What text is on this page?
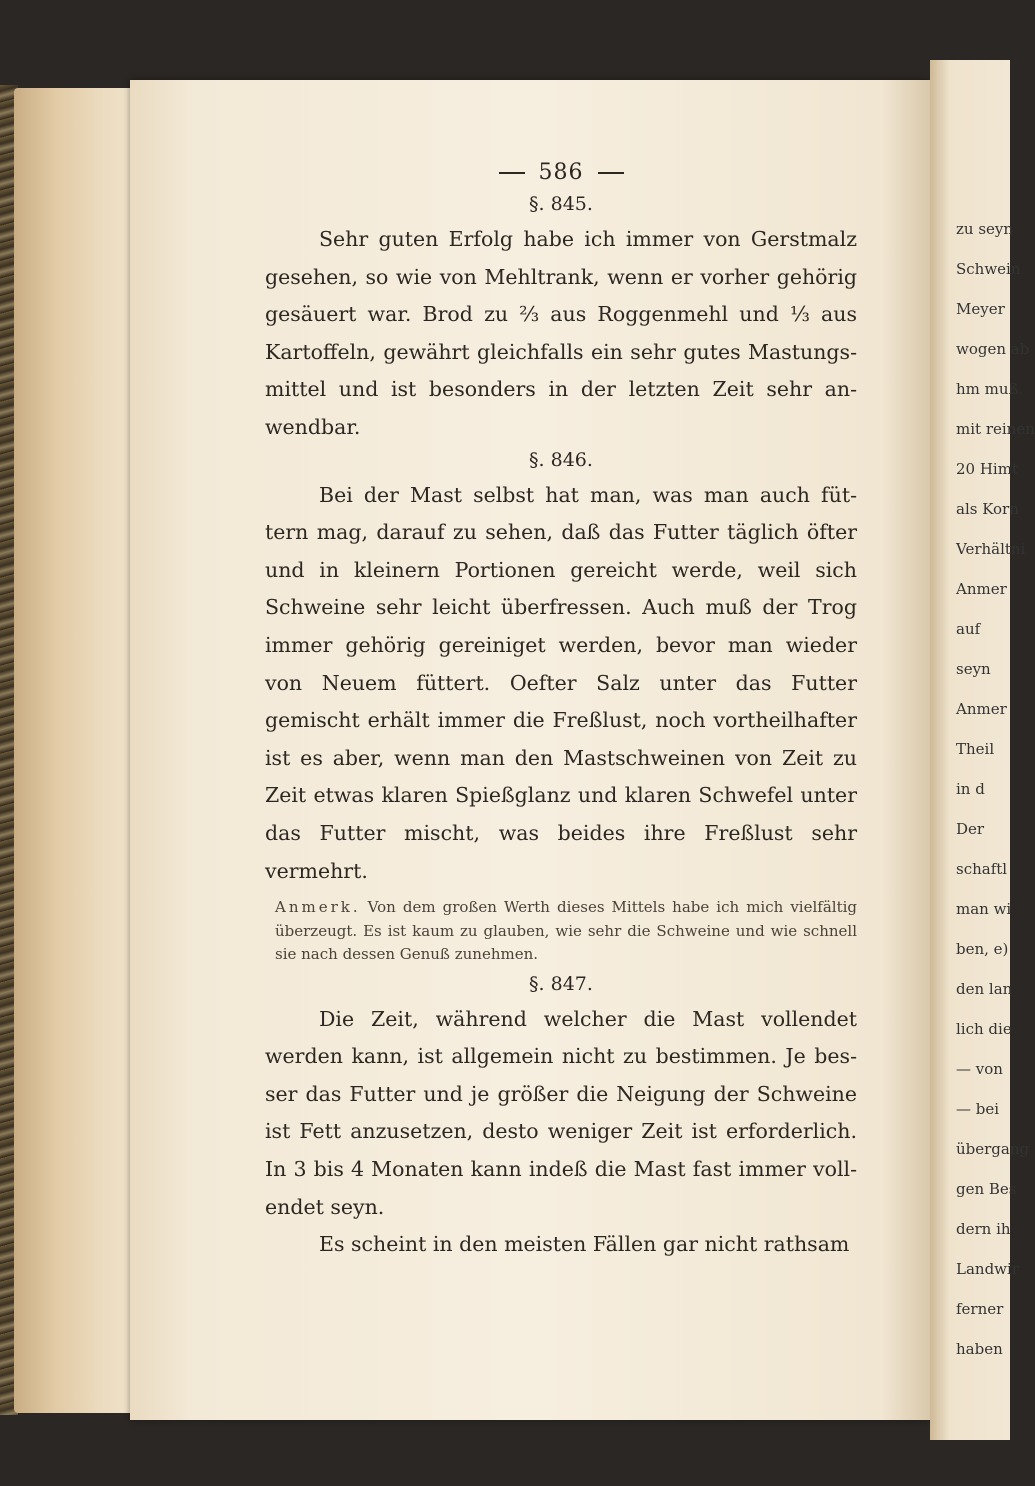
zu seyn
Schwein
Meyer
wogen ab
hm muß.
mit reinen
20 Himt
als Korn
Verhältni
Anmer
auf
seyn
Anmer
Theil
in d
Der
schaftl
man wi
ben, e)
den lan
lich die
— von
— bei
übergang
gen Bes
dern ih
Landwir
ferner
haben
586
§. 845.
Sehr guten Erfolg habe ich immer von Gerstmalz gesehen, so wie von Mehltrank, wenn er vorher gehörig gesäuert war. Brod zu ⅔ aus Roggenmehl und ⅓ aus Kartoffeln, gewährt gleichfalls ein sehr gutes Mastungs-mittel und ist besonders in der letzten Zeit sehr an-wendbar.
§. 846.
Bei der Mast selbst hat man, was man auch füt-tern mag, darauf zu sehen, daß das Futter täglich öfter und in kleinern Portionen gereicht werde, weil sich Schweine sehr leicht überfressen. Auch muß der Trog immer gehörig gereiniget werden, bevor man wieder von Neuem füttert. Oefter Salz unter das Futter gemischt erhält immer die Freßlust, noch vortheilhafter ist es aber, wenn man den Mastschweinen von Zeit zu Zeit etwas klaren Spießglanz und klaren Schwefel unter das Futter mischt, was beides ihre Freßlust sehr vermehrt.
Anmerk. Von dem großen Werth dieses Mittels habe ich mich vielfältig überzeugt. Es ist kaum zu glauben, wie sehr die Schweine und wie schnell sie nach dessen Genuß zunehmen.
§. 847.
Die Zeit, während welcher die Mast vollendet werden kann, ist allgemein nicht zu bestimmen. Je bes-ser das Futter und je größer die Neigung der Schweine ist Fett anzusetzen, desto weniger Zeit ist erforderlich. In 3 bis 4 Monaten kann indeß die Mast fast immer voll-endet seyn.
Es scheint in den meisten Fällen gar nicht rathsam
